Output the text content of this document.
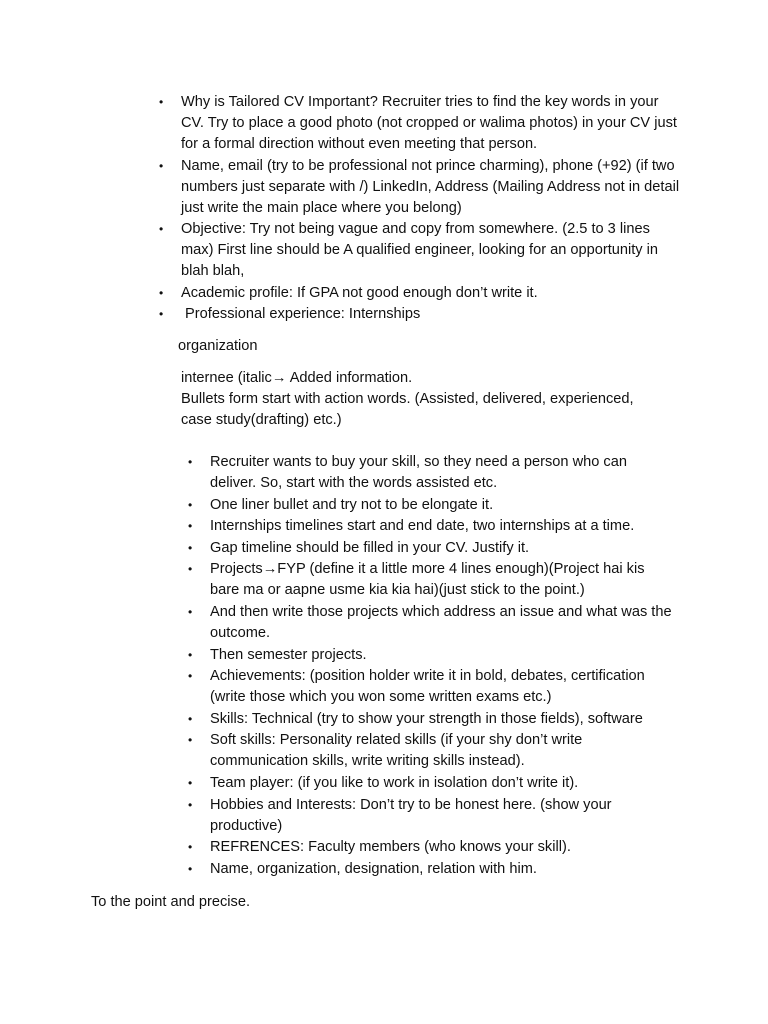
• Why is Tailored CV Important? Recruiter tries to find the key words in your CV. Try to place a good photo (not cropped or walima photos) in your CV just for a formal direction without even meeting that person.
• Name, email (try to be professional not prince charming), phone (+92) (if two numbers just separate with /) LinkedIn, Address (Mailing Address not in detail just write the main place where you belong)
• Objective: Try not being vague and copy from somewhere. (2.5 to 3 lines max) First line should be A qualified engineer, looking for an opportunity in blah blah,
• Academic profile: If GPA not good enough don’t write it.
• Professional experience: Internships
organization
internee (italic→ Added information.
Bullets form start with action words. (Assisted, delivered, experienced, case study(drafting) etc.)
• Recruiter wants to buy your skill, so they need a person who can deliver. So, start with the words assisted etc.
• One liner bullet and try not to be elongate it.
• Internships timelines start and end date, two internships at a time.
• Gap timeline should be filled in your CV. Justify it.
• Projects→FYP (define it a little more 4 lines enough)(Project hai kis bare ma or aapne usme kia kia hai)(just stick to the point.)
• And then write those projects which address an issue and what was the outcome.
• Then semester projects.
• Achievements: (position holder write it in bold, debates, certification (write those which you won some written exams etc.)
• Skills: Technical (try to show your strength in those fields), software
• Soft skills: Personality related skills (if your shy don’t write communication skills, write writing skills instead).
• Team player: (if you like to work in isolation don’t write it).
• Hobbies and Interests: Don’t try to be honest here. (show your productive)
• REFRENCES: Faculty members (who knows your skill).
• Name, organization, designation, relation with him.
To the point and precise.
